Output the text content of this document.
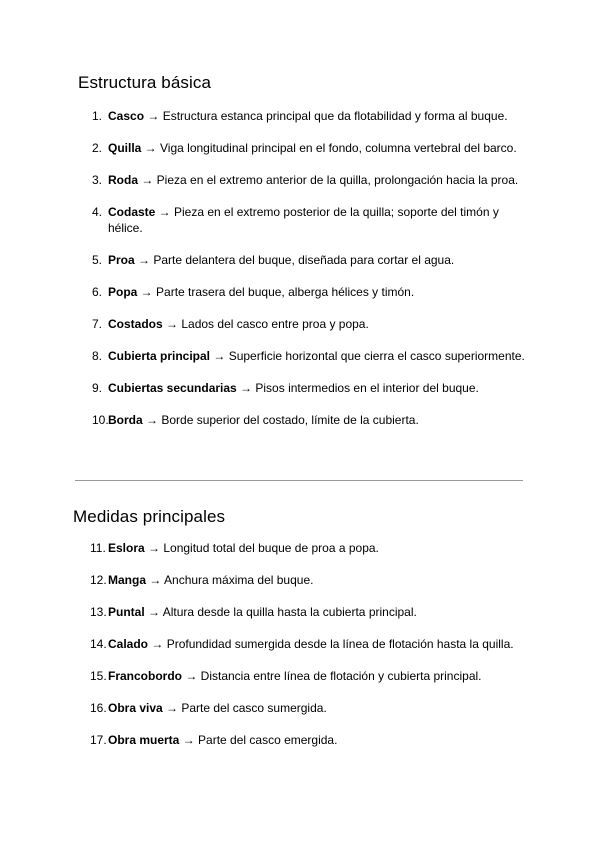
Estructura básica
1. Casco → Estructura estanca principal que da flotabilidad y forma al buque.
2. Quilla → Viga longitudinal principal en el fondo, columna vertebral del barco.
3. Roda → Pieza en el extremo anterior de la quilla, prolongación hacia la proa.
4. Codaste → Pieza en el extremo posterior de la quilla; soporte del timón y hélice.
5. Proa → Parte delantera del buque, diseñada para cortar el agua.
6. Popa → Parte trasera del buque, alberga hélices y timón.
7. Costados → Lados del casco entre proa y popa.
8. Cubierta principal → Superficie horizontal que cierra el casco superiormente.
9. Cubiertas secundarias → Pisos intermedios en el interior del buque.
10. Borda → Borde superior del costado, límite de la cubierta.
Medidas principales
11. Eslora → Longitud total del buque de proa a popa.
12. Manga → Anchura máxima del buque.
13. Puntal → Altura desde la quilla hasta la cubierta principal.
14. Calado → Profundidad sumergida desde la línea de flotación hasta la quilla.
15. Francobordo → Distancia entre línea de flotación y cubierta principal.
16. Obra viva → Parte del casco sumergida.
17. Obra muerta → Parte del casco emergida.
